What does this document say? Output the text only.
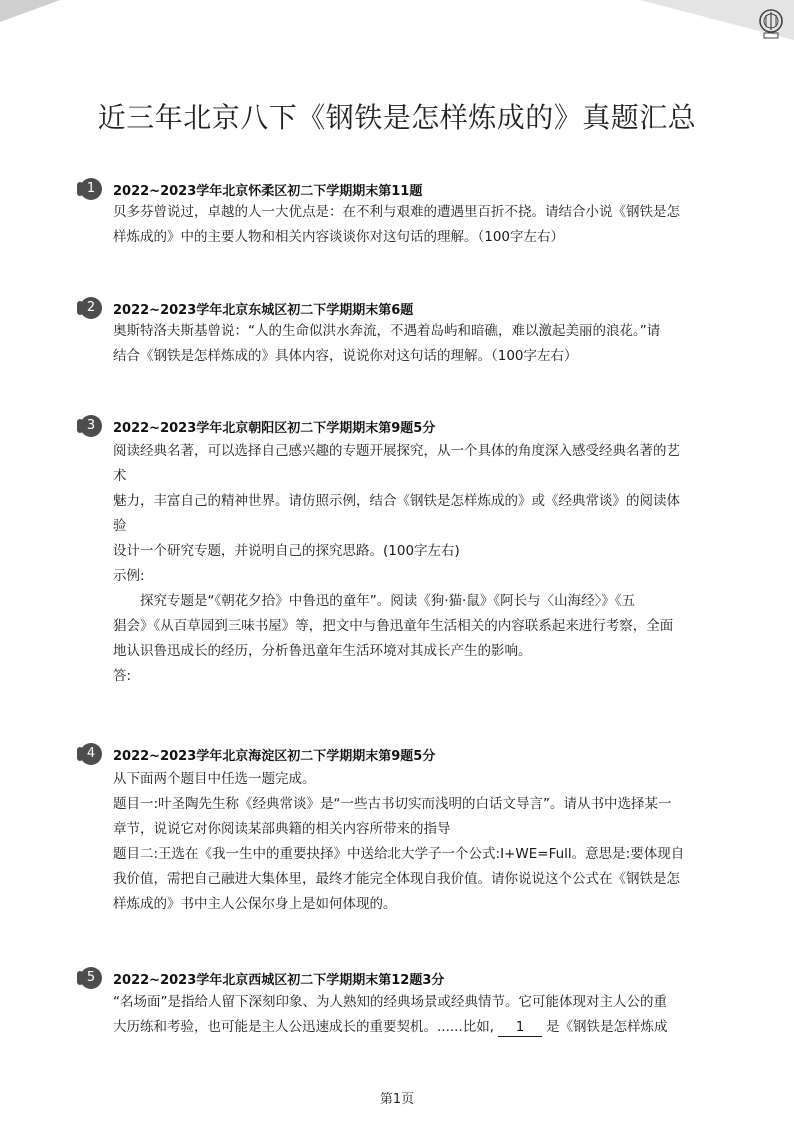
近三年北京八下《钢铁是怎样炼成的》真题汇总
1	2022~2023学年北京怀柔区初二下学期期末第11题
贝多芬曾说过，卓越的人一大优点是：在不利与艰难的遭遇里百折不挠。请结合小说《钢铁是怎
样炼成的》中的主要人物和相关内容谈谈你对这句话的理解。（100字左右）
2	2022~2023学年北京东城区初二下学期期末第6题
奥斯特洛夫斯基曾说：“人的生命似洪水奔流，不遇着岛屿和暗礁，难以激起美丽的浪花。”请
结合《钢铁是怎样炼成的》具体内容，说说你对这句话的理解。（100字左右）
3	2022~2023学年北京朝阳区初二下学期期末第9题5分
阅读经典名著，可以选择自己感兴趣的专题开展探究，从一个具体的角度深入感受经典名著的艺
术
魅力，丰富自己的精神世界。请仿照示例，结合《钢铁是怎样炼成的》或《经典常谈》的阅读体
验
设计一个研究专题，并说明自己的探究思路。(100字左右)
示例:
探究专题是“《朝花夕拾》中鲁迅的童年”。阅读《狗·猫·鼠》《阿长与〈山海经〉》《五
猖会》《从百草园到三味书屋》等，把文中与鲁迅童年生活相关的内容联系起来进行考察，全面
地认识鲁迅成长的经历，分析鲁迅童年生活环境对其成长产生的影响。
答:
4	2022~2023学年北京海淀区初二下学期期末第9题5分
从下面两个题目中任选一题完成。
题目一:叶圣陶先生称《经典常谈》是“一些古书切实而浅明的白话文导言”。请从书中选择某一
章节，说说它对你阅读某部典籍的相关内容所带来的指导
题目二:王选在《我一生中的重要抉择》中送给北大学子一个公式:I+WE=Full。意思是:要体现自
我价值，需把自己融进大集体里，最终才能完全体现自我价值。请你说说这个公式在《钢铁是怎
样炼成的》书中主人公保尔身上是如何体现的。
5	2022~2023学年北京西城区初二下学期期末第12题3分
“名场面”是指给人留下深刻印象、为人熟知的经典场景或经典情节。它可能体现对主人公的重
大历练和考验，也可能是主人公迅速成长的重要契机。......比如, 1 是《钢铁是怎样炼成
第1页
